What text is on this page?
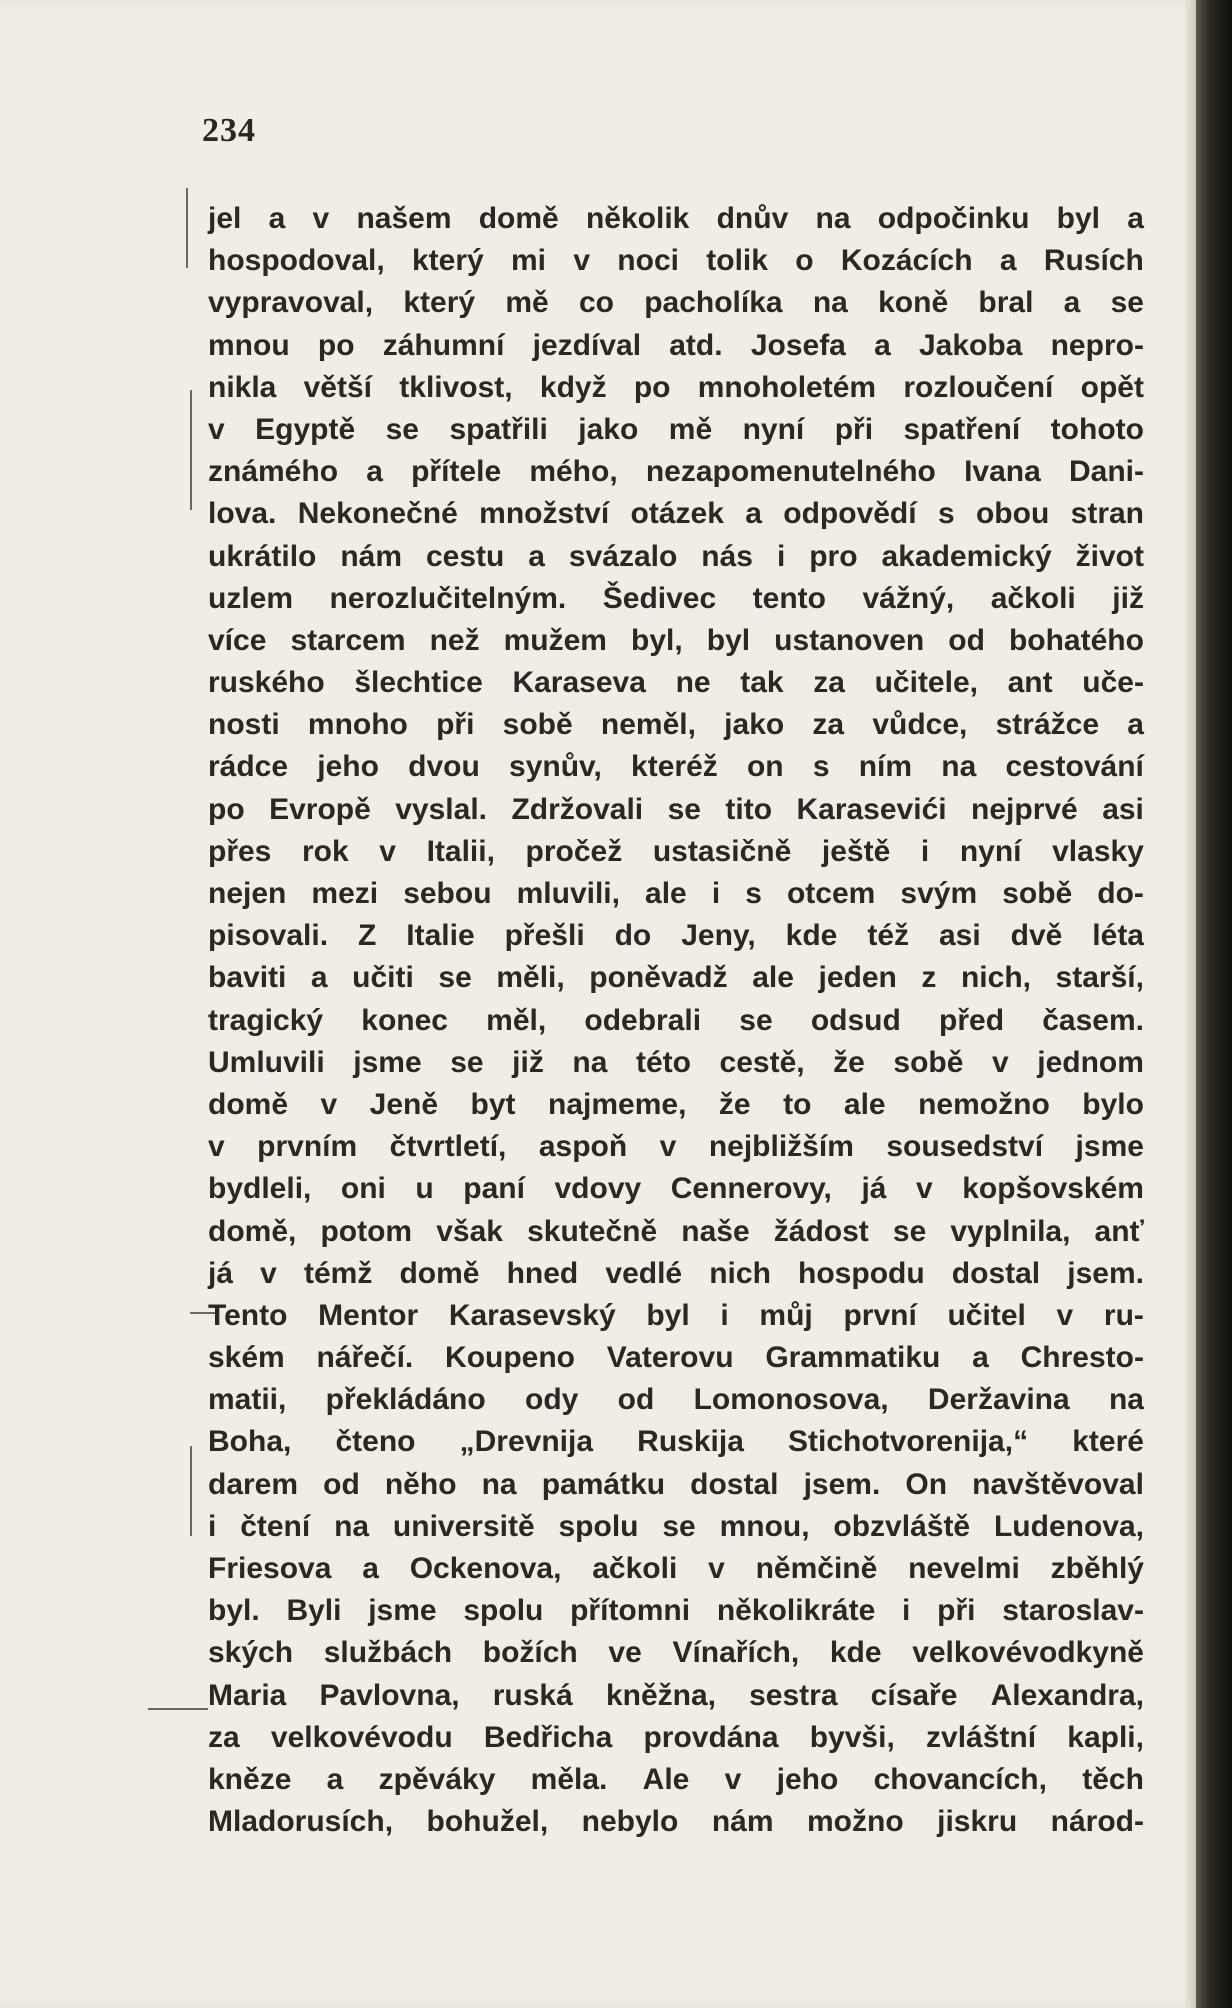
234
jel a v našem domě několik dnův na odpočinku byl a
hospodoval, který mi v noci tolik o Kozácích a Rusích
vypravoval, který mě co pacholíka na koně bral a se
mnou po záhumní jezdíval atd. Josefa a Jakoba nepro-
nikla větší tklivost, když po mnoholetém rozloučení opět
v Egyptě se spatřili jako mě nyní při spatření tohoto
známého a přítele mého, nezapomenutelného Ivana Dani-
lova. Nekonečné množství otázek a odpovědí s obou stran
ukrátilo nám cestu a svázalo nás i pro akademický život
uzlem nerozlučitelným. Šedivec tento vážný, ačkoli již
více starcem než mužem byl, byl ustanoven od bohatého
ruského šlechtice Karaseva ne tak za učitele, ant uče-
nosti mnoho při sobě neměl, jako za vůdce, strážce a
rádce jeho dvou synův, kteréž on s ním na cestování
po Evropě vyslal. Zdržovali se tito Karasevići nejprvé asi
přes rok v Italii, pročež ustasičně ještě i nyní vlasky
nejen mezi sebou mluvili, ale i s otcem svým sobě do-
pisovali. Z Italie přešli do Jeny, kde též asi dvě léta
baviti a učiti se měli, poněvadž ale jeden z nich, starší,
tragický konec měl, odebrali se odsud před časem.
Umluvili jsme se již na této cestě, že sobě v jednom
domě v Jeně byt najmeme, že to ale nemožno bylo
v prvním čtvrtletí, aspoň v nejbližším sousedství jsme
bydleli, oni u paní vdovy Cennerovy, já v kopšovském
domě, potom však skutečně naše žádost se vyplnila, anť
já v témž domě hned vedlé nich hospodu dostal jsem.
Tento Mentor Karasevský byl i můj první učitel v ru-
ském nářečí. Koupeno Vaterovu Grammatiku a Chresto-
matii, překládáno ody od Lomonosova, Deržavina na
Boha, čteno „Drevnija Ruskija Stichotvorenija,“ které
darem od něho na památku dostal jsem. On navštěvoval
i čtení na universitě spolu se mnou, obzvláště Ludenova,
Friesova a Ockenova, ačkoli v němčině nevelmi zběhlý
byl. Byli jsme spolu přítomni několikráte i při staroslav-
ských službách božích ve Vínařích, kde velkovévodkyně
Maria Pavlovna, ruská kněžna, sestra císaře Alexandra,
za velkovévodu Bedřicha provdána byvši, zvláštní kapli,
kněze a zpěváky měla. Ale v jeho chovancích, těch
Mladorusích, bohužel, nebylo nám možno jiskru národ-
